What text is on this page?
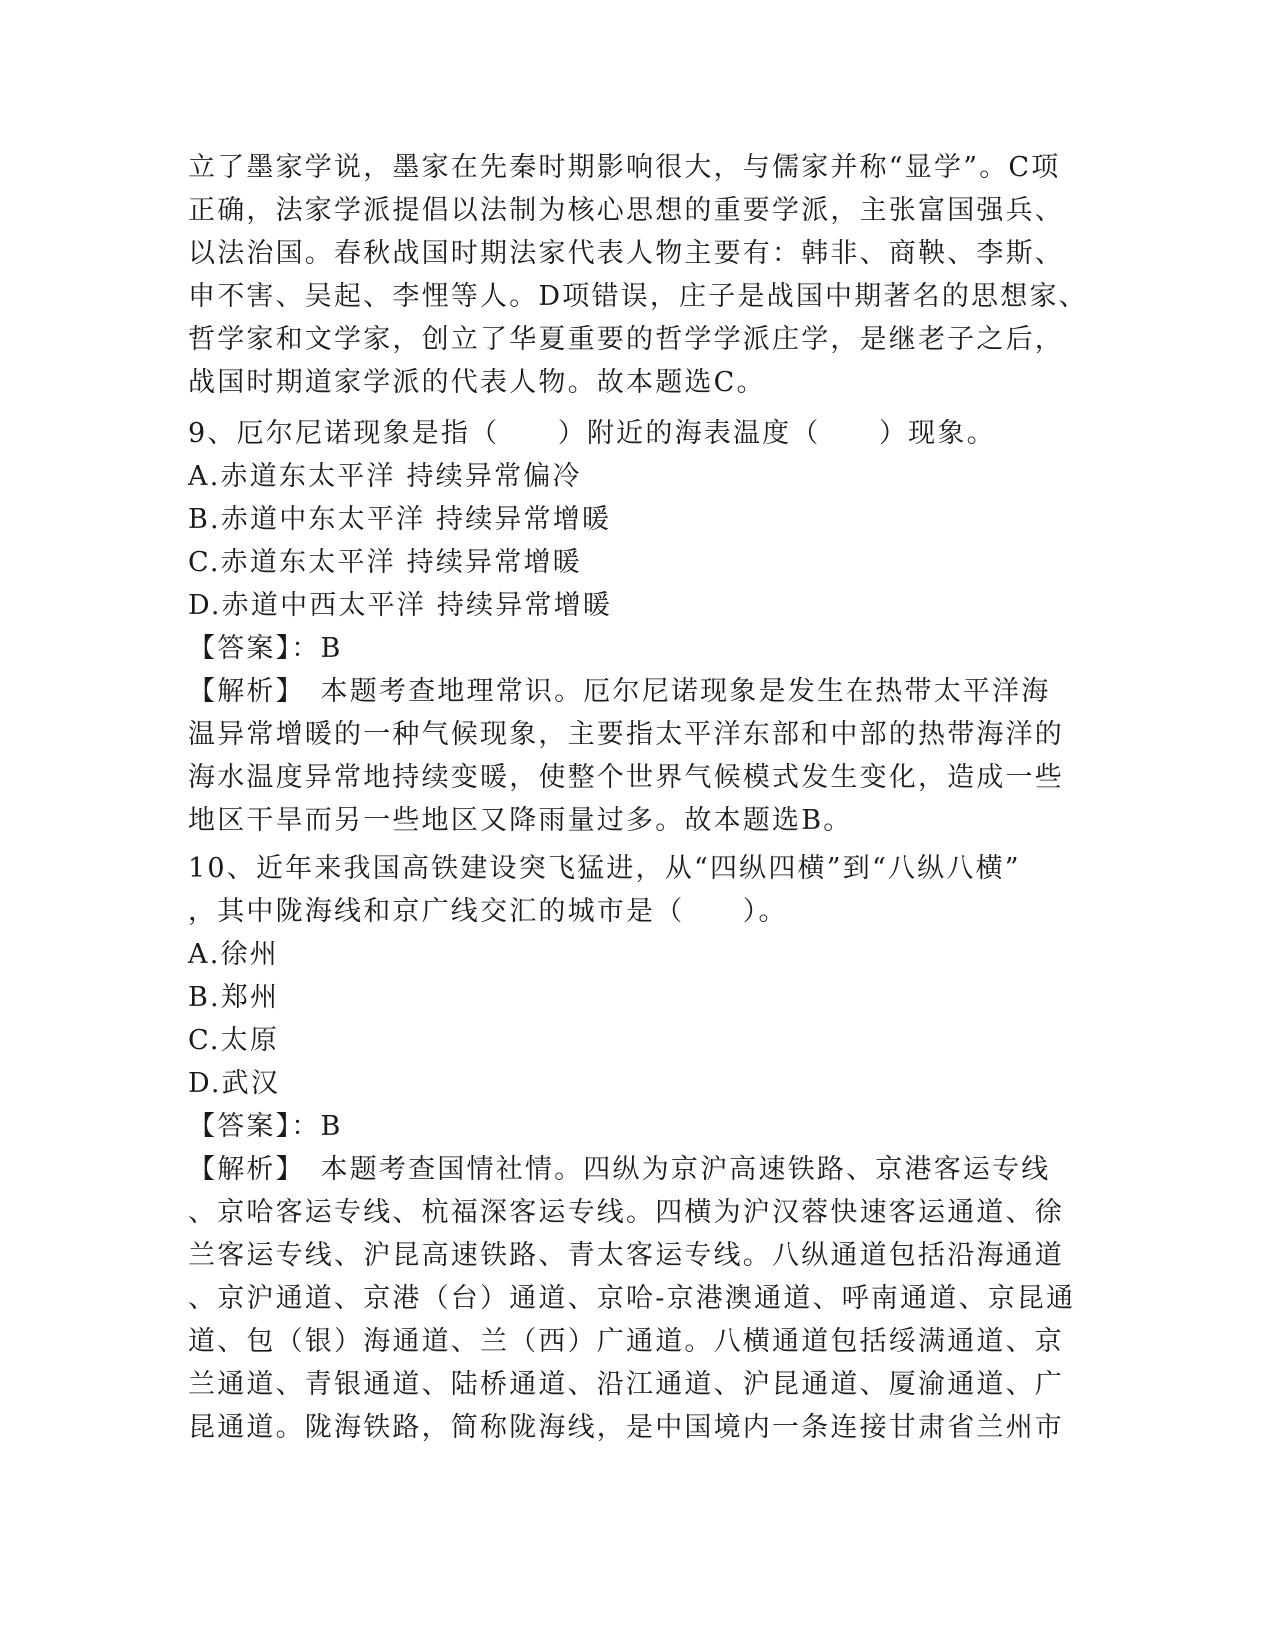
立了墨家学说，墨家在先秦时期影响很大，与儒家并称“显学”。C项
正确，法家学派提倡以法制为核心思想的重要学派，主张富国强兵、
以法治国。春秋战国时期法家代表人物主要有：韩非、商鞅、李斯、
申不害、吴起、李悝等人。D项错误，庄子是战国中期著名的思想家、
哲学家和文学家，创立了华夏重要的哲学学派庄学，是继老子之后，
战国时期道家学派的代表人物。故本题选C。
9、厄尔尼诺现象是指（　　）附近的海表温度（　　）现象。
A.赤道东太平洋 持续异常偏冷
B.赤道中东太平洋 持续异常增暖
C.赤道东太平洋 持续异常增暖
D.赤道中西太平洋 持续异常增暖
【答案】：B
【解析】　本题考查地理常识。厄尔尼诺现象是发生在热带太平洋海
温异常增暖的一种气候现象，主要指太平洋东部和中部的热带海洋的
海水温度异常地持续变暖，使整个世界气候模式发生变化，造成一些
地区干旱而另一些地区又降雨量过多。故本题选B。
10、近年来我国高铁建设突飞猛进，从“四纵四横”到“八纵八横”
，其中陇海线和京广线交汇的城市是（　　）。
A.徐州
B.郑州
C.太原
D.武汉
【答案】：B
【解析】　本题考查国情社情。四纵为京沪高速铁路、京港客运专线
、京哈客运专线、杭福深客运专线。四横为沪汉蓉快速客运通道、徐
兰客运专线、沪昆高速铁路、青太客运专线。八纵通道包括沿海通道
、京沪通道、京港（台）通道、京哈-京港澳通道、呼南通道、京昆通
道、包（银）海通道、兰（西）广通道。八横通道包括绥满通道、京
兰通道、青银通道、陆桥通道、沿江通道、沪昆通道、厦渝通道、广
昆通道。陇海铁路，简称陇海线，是中国境内一条连接甘肃省兰州市
